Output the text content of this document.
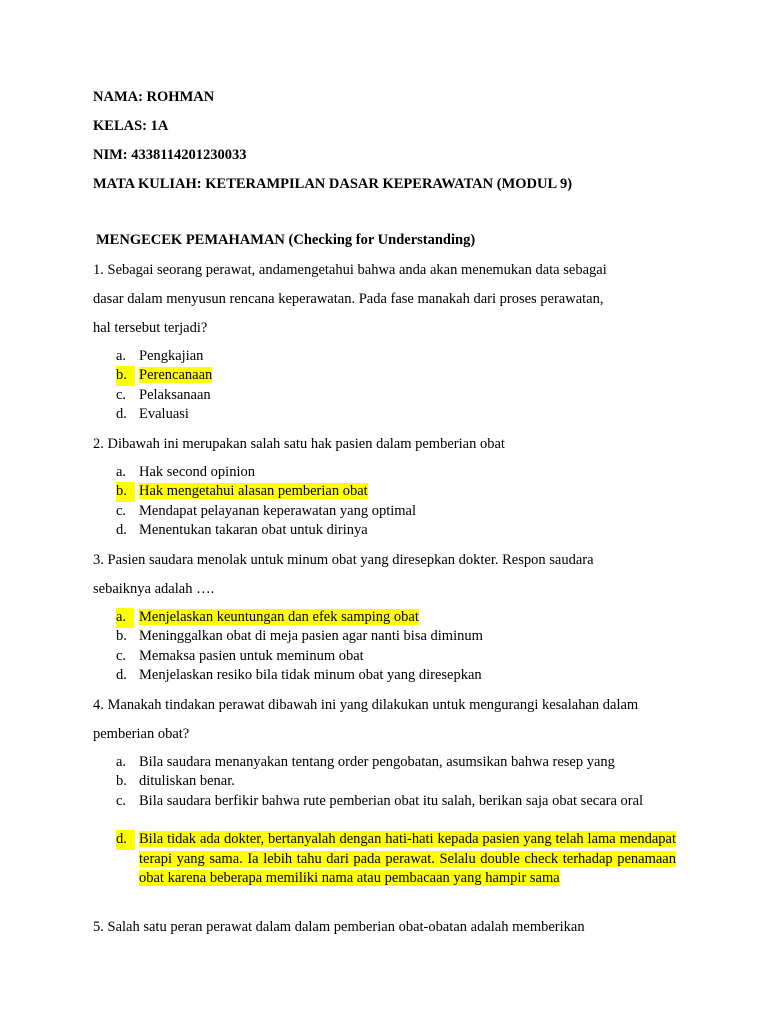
NAMA: ROHMAN
KELAS: 1A
NIM: 4338114201230033
MATA KULIAH: KETERAMPILAN DASAR KEPERAWATAN (MODUL 9)
MENGECEK PEMAHAMAN (Checking for Understanding)
1. Sebagai seorang perawat, andamengetahui bahwa anda akan menemukan data sebagai
dasar dalam menyusun rencana keperawatan. Pada fase manakah dari proses perawatan,
hal tersebut terjadi?
a. Pengkajian
b. Perencanaan
c. Pelaksanaan
d. Evaluasi
2. Dibawah ini merupakan salah satu hak pasien dalam pemberian obat
a. Hak second opinion
b. Hak mengetahui alasan pemberian obat
c. Mendapat pelayanan keperawatan yang optimal
d. Menentukan takaran obat untuk dirinya
3. Pasien saudara menolak untuk minum obat yang diresepkan dokter. Respon saudara
sebaiknya adalah ….
a. Menjelaskan keuntungan dan efek samping obat
b. Meninggalkan obat di meja pasien agar nanti bisa diminum
c. Memaksa pasien untuk meminum obat
d. Menjelaskan resiko bila tidak minum obat yang diresepkan
4. Manakah tindakan perawat dibawah ini yang dilakukan untuk mengurangi kesalahan dalam
pemberian obat?
a. Bila saudara menanyakan tentang order pengobatan, asumsikan bahwa resep yang
b. dituliskan benar.
c. Bila saudara berfikir bahwa rute pemberian obat itu salah, berikan saja obat secara oral
d. Bila tidak ada dokter, bertanyalah dengan hati-hati kepada pasien yang telah lama mendapat terapi yang sama. Ia lebih tahu dari pada perawat. Selalu double check terhadap penamaan obat karena beberapa memiliki nama atau pembacaan yang hampir sama
5. Salah satu peran perawat dalam dalam pemberian obat-obatan adalah memberikan
